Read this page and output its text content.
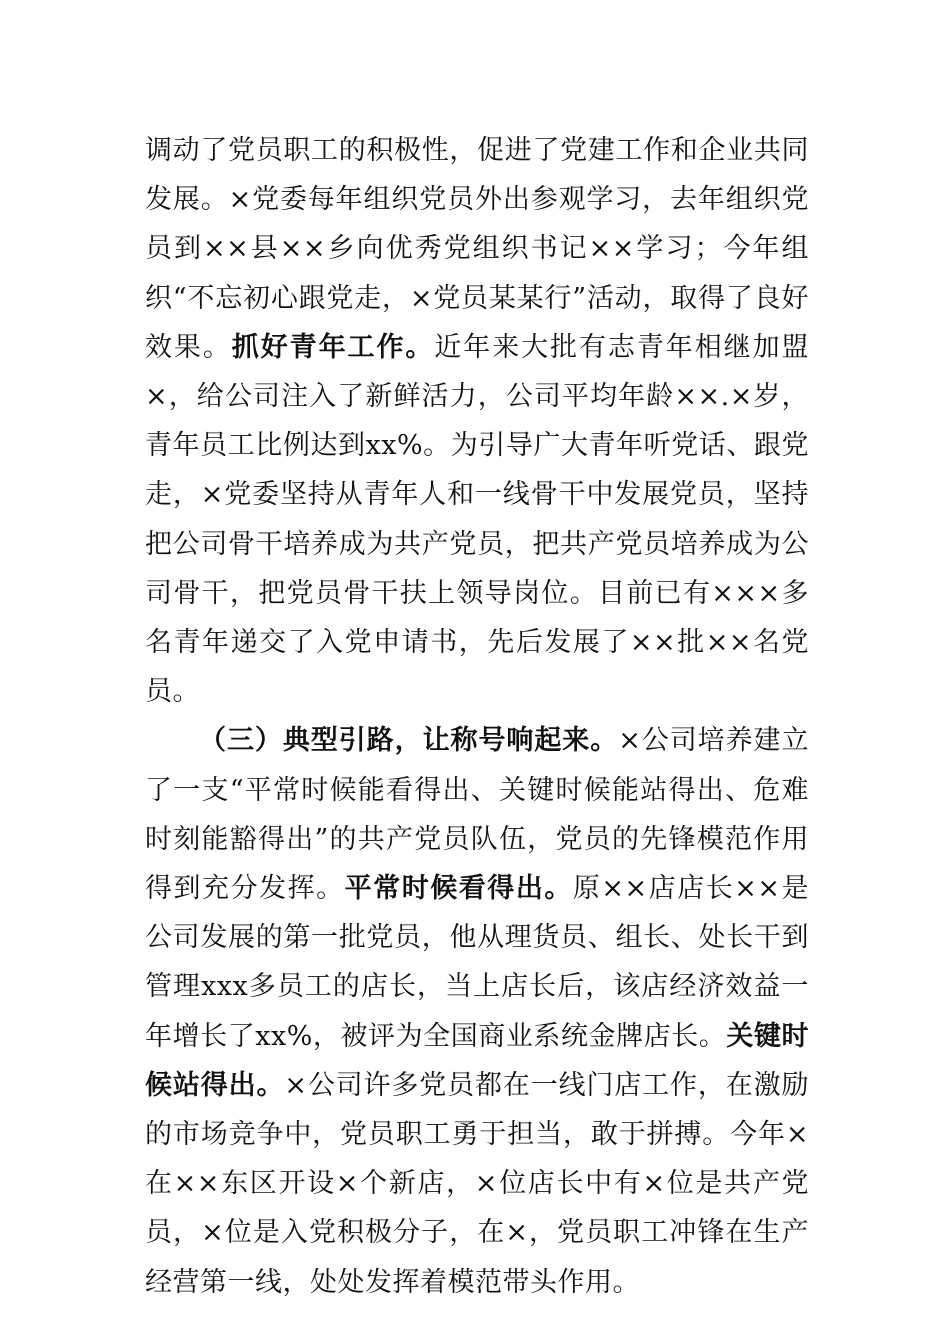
调动了党员职工的积极性，促进了党建工作和企业共同发展。×党委每年组织党员外出参观学习，去年组织党员到××县××乡向优秀党组织书记××学习；今年组织“不忘初心跟党走，×党员某某行”活动，取得了良好效果。抓好青年工作。近年来大批有志青年相继加盟×，给公司注入了新鲜活力，公司平均年龄××.×岁，青年员工比例达到xx%。为引导广大青年听党话、跟党走，×党委坚持从青年人和一线骨干中发展党员，坚持把公司骨干培养成为共产党员，把共产党员培养成为公司骨干，把党员骨干扶上领导岗位。目前已有×××多名青年递交了入党申请书，先后发展了××批××名党员。

（三）典型引路，让称号响起来。×公司培养建立了一支“平常时候能看得出、关键时候能站得出、危难时刻能豁得出”的共产党员队伍，党员的先锋模范作用得到充分发挥。平常时候看得出。原××店店长××是公司发展的第一批党员，他从理货员、组长、处长干到管理xxx多员工的店长，当上店长后，该店经济效益一年增长了xx%，被评为全国商业系统金牌店长。关键时候站得出。×公司许多党员都在一线门店工作，在激励的市场竞争中，党员职工勇于担当，敢于拼搏。今年×在××东区开设×个新店，×位店长中有×位是共产党员，×位是入党积极分子，在×，党员职工冲锋在生产经营第一线，处处发挥着模范带头作用。
